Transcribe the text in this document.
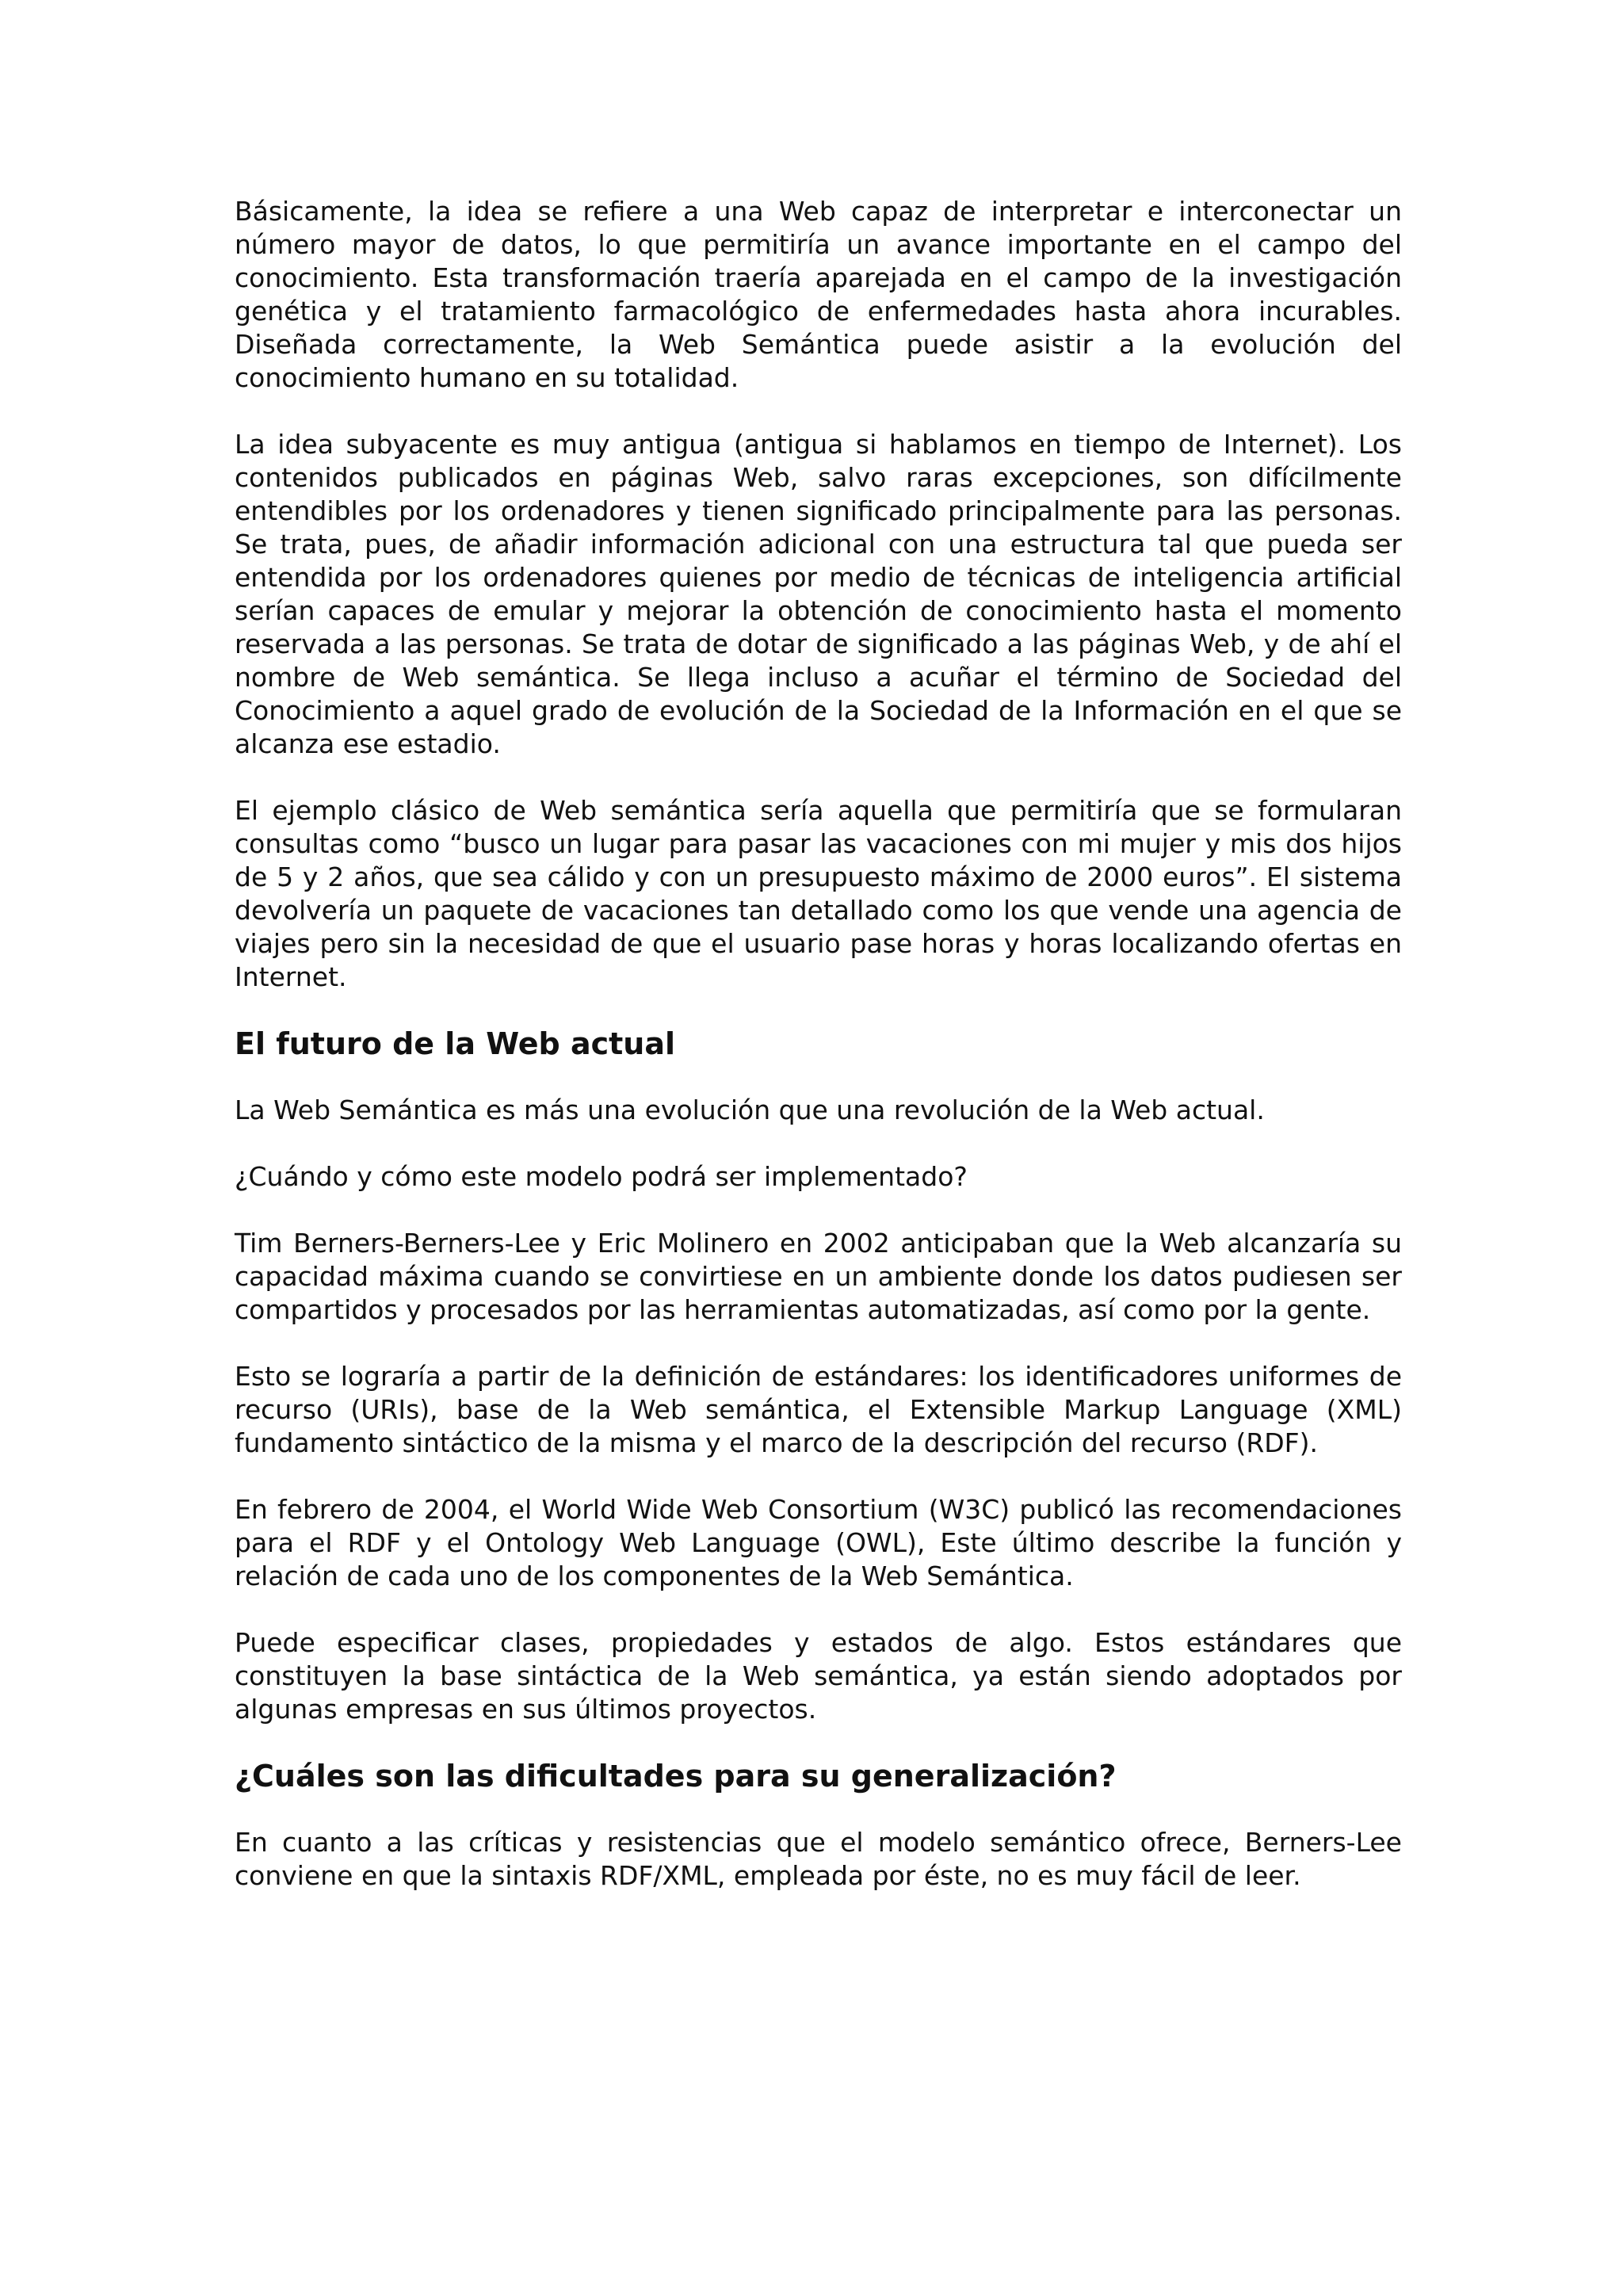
Básicamente, la idea se refiere a una Web capaz de interpretar e interconectar un número mayor de datos, lo que permitiría un avance importante en el campo del conocimiento. Esta transformación traería aparejada en el campo de la investigación genética y el tratamiento farmacológico de enfermedades hasta ahora incurables. Diseñada correctamente, la Web Semántica puede asistir a la evolución del conocimiento humano en su totalidad.

La idea subyacente es muy antigua (antigua si hablamos en tiempo de Internet). Los contenidos publicados en páginas Web, salvo raras excepciones, son difícilmente entendibles por los ordenadores y tienen significado principalmente para las personas. Se trata, pues, de añadir información adicional con una estructura tal que pueda ser entendida por los ordenadores quienes por medio de técnicas de inteligencia artificial serían capaces de emular y mejorar la obtención de conocimiento hasta el momento reservada a las personas. Se trata de dotar de significado a las páginas Web, y de ahí el nombre de Web semántica. Se llega incluso a acuñar el término de Sociedad del Conocimiento a aquel grado de evolución de la Sociedad de la Información en el que se alcanza ese estadio.

El ejemplo clásico de Web semántica sería aquella que permitiría que se formularan consultas como “busco un lugar para pasar las vacaciones con mi mujer y mis dos hijos de 5 y 2 años, que sea cálido y con un presupuesto máximo de 2000 euros”. El sistema devolvería un paquete de vacaciones tan detallado como los que vende una agencia de viajes pero sin la necesidad de que el usuario pase horas y horas localizando ofertas en Internet.

El futuro de la Web actual

La Web Semántica es más una evolución que una revolución de la Web actual.

¿Cuándo y cómo este modelo podrá ser implementado?

Tim Berners-Berners-Lee y Eric Molinero en 2002 anticipaban que la Web alcanzaría su capacidad máxima cuando se convirtiese en un ambiente donde los datos pudiesen ser compartidos y procesados por las herramientas automatizadas, así como por la gente.

Esto se lograría a partir de la definición de estándares: los identificadores uniformes de recurso (URIs), base de la Web semántica, el Extensible Markup Language (XML) fundamento sintáctico de la misma y el marco de la descripción del recurso (RDF).

En febrero de 2004, el World Wide Web Consortium (W3C) publicó las recomendaciones para el RDF y el Ontology Web Language (OWL), Este último describe la función y relación de cada uno de los componentes de la Web Semántica.

Puede especificar clases, propiedades y estados de algo. Estos estándares que constituyen la base sintáctica de la Web semántica, ya están siendo adoptados por algunas empresas en sus últimos proyectos.

¿Cuáles son las dificultades para su generalización?

En cuanto a las críticas y resistencias que el modelo semántico ofrece, Berners-Lee conviene en que la sintaxis RDF/XML, empleada por éste, no es muy fácil de leer.
